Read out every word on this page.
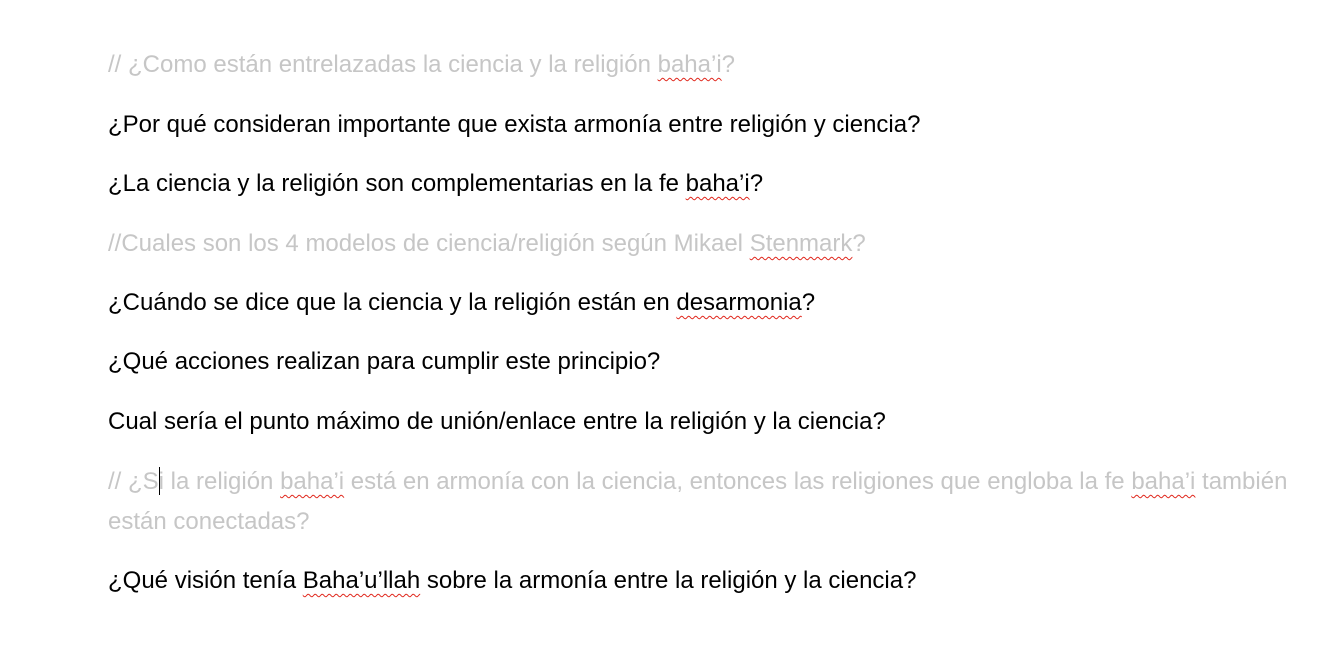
// ¿Como están entrelazadas la ciencia y la religión baha’i?
¿Por qué consideran importante que exista armonía entre religión y ciencia?
¿La ciencia y la religión son complementarias en la fe baha’i?
//Cuales son los 4 modelos de ciencia/religión según Mikael Stenmark?
¿Cuándo se dice que la ciencia y la religión están en desarmonia?
¿Qué acciones realizan para cumplir este principio?
Cual sería el punto máximo de unión/enlace entre la religión y la ciencia?
// ¿Si la religión baha’i está en armonía con la ciencia, entonces las religiones que engloba la fe baha’i también están conectadas?
¿Qué visión tenía Baha’u’llah sobre la armonía entre la religión y la ciencia?
